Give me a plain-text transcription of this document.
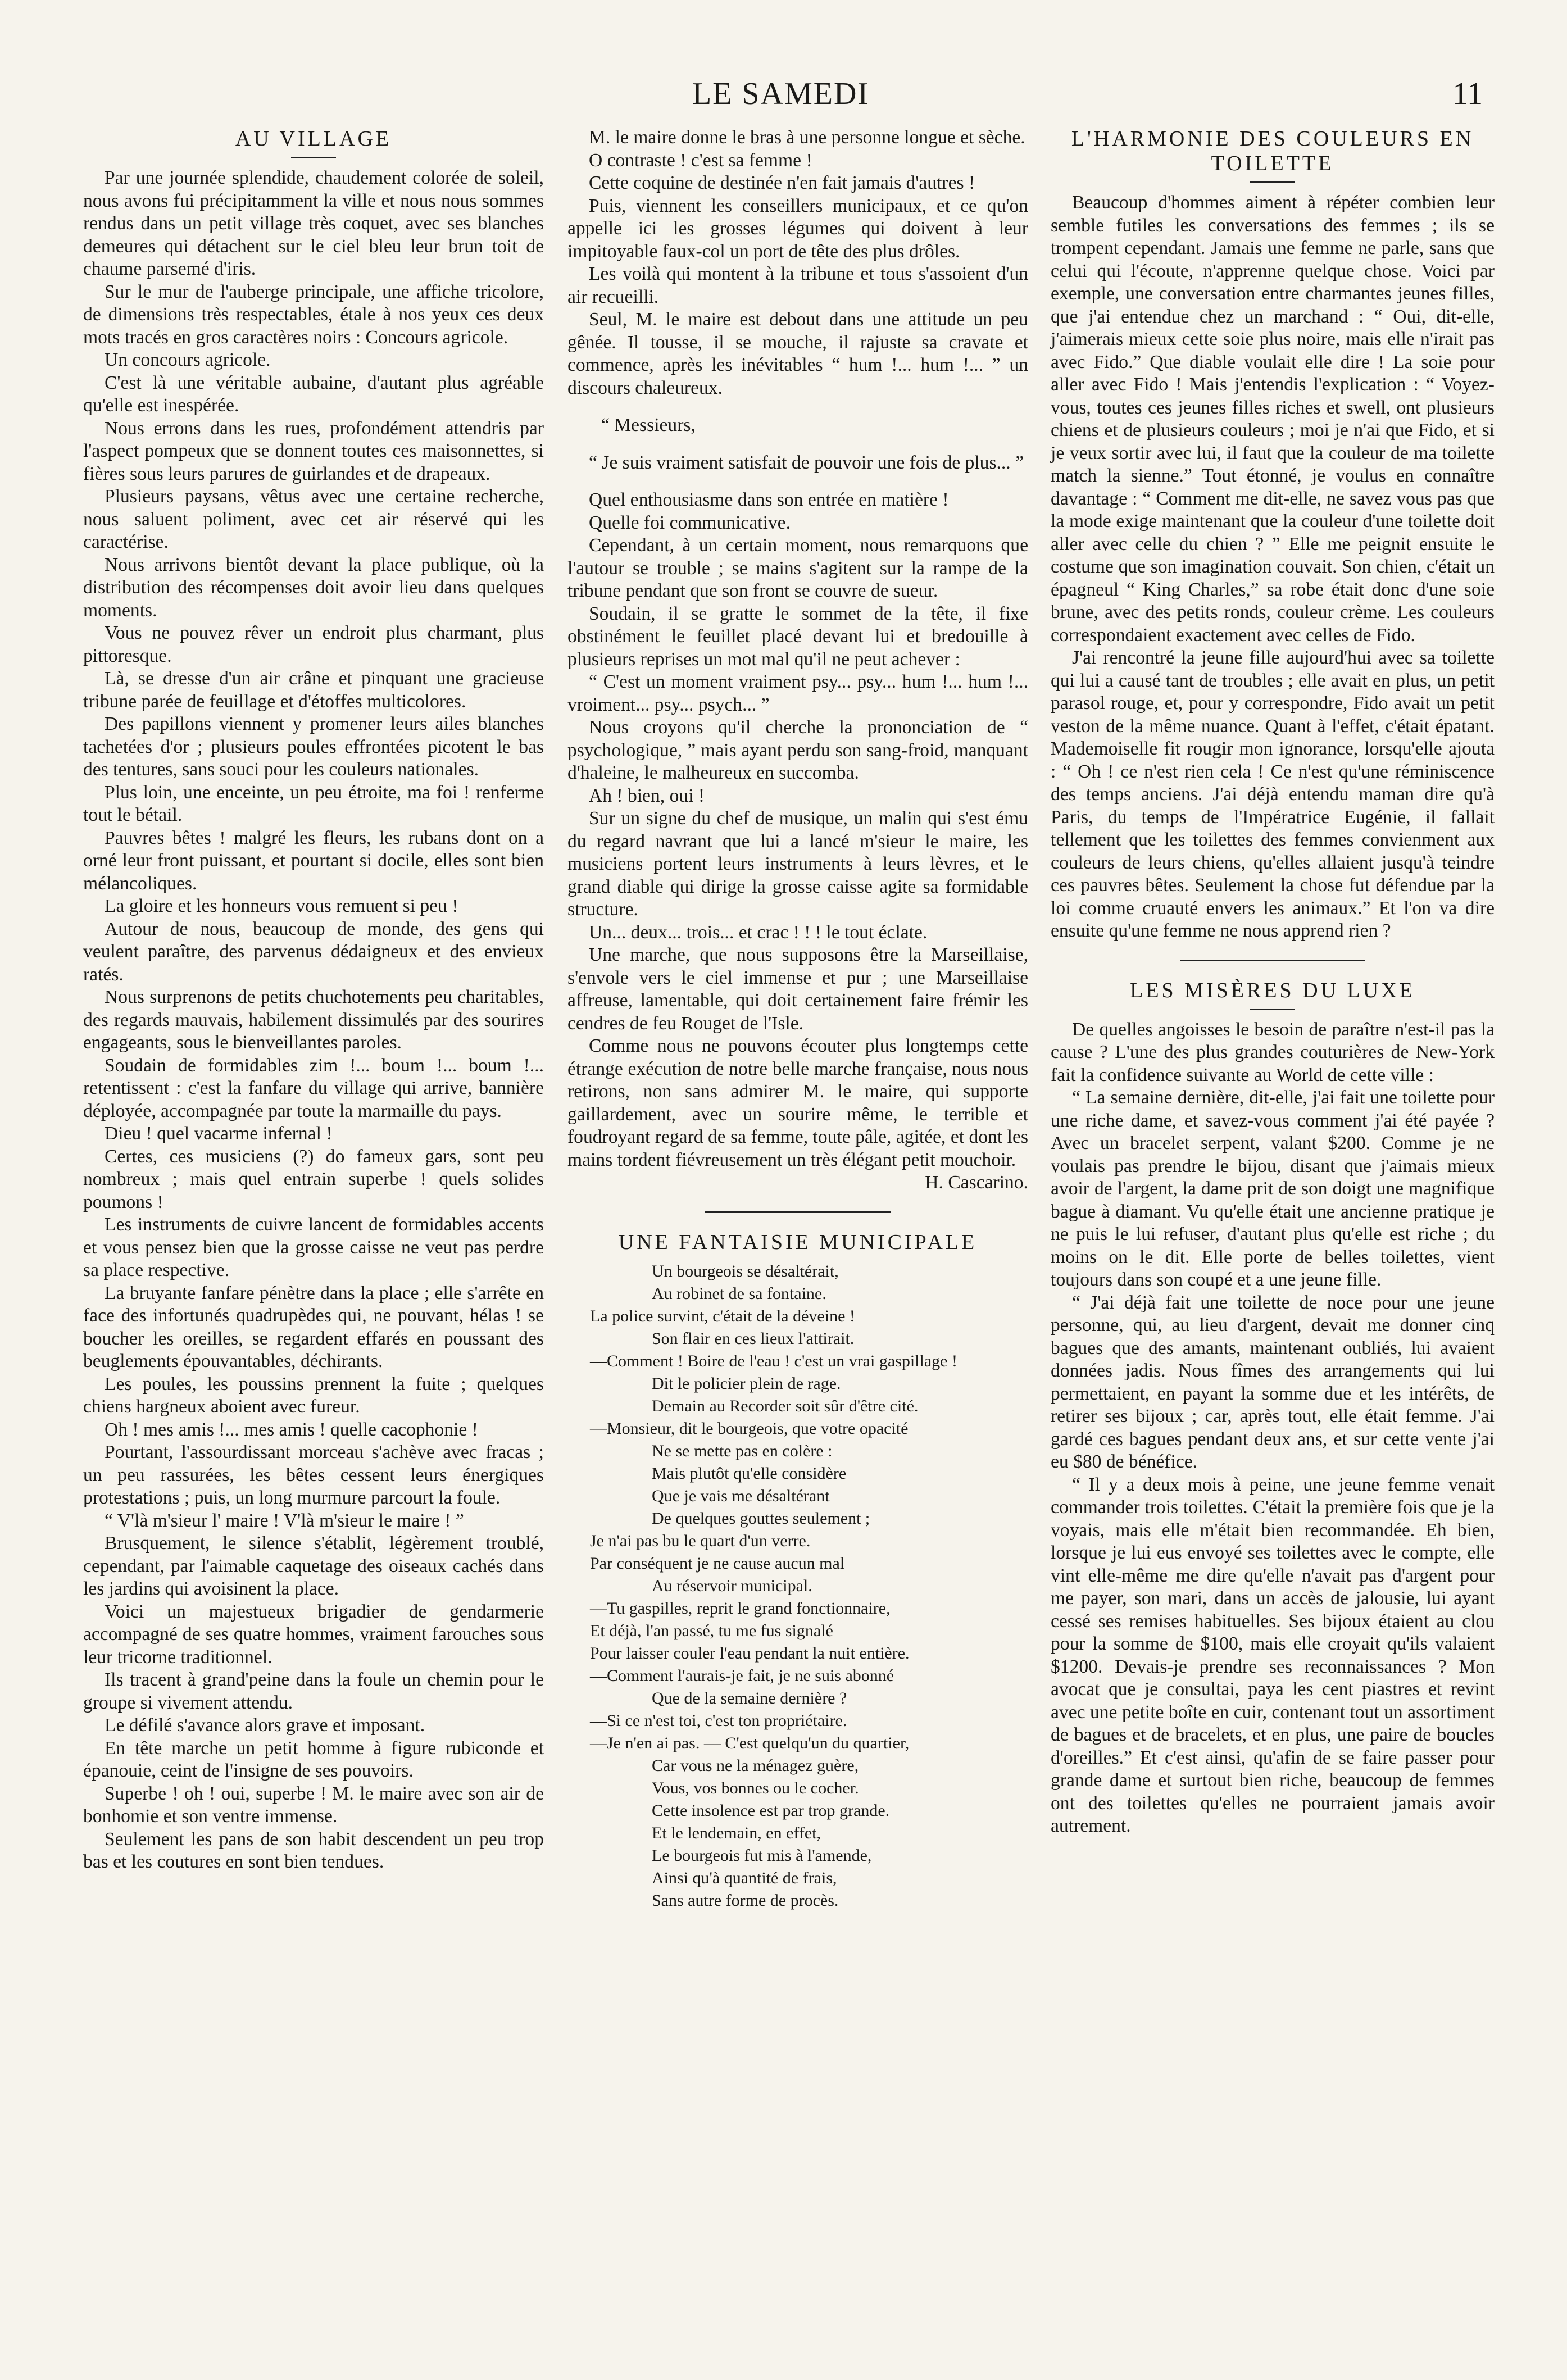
LE SAMEDI	11
AU VILLAGE

Par une journée splendide, chaudement colorée de soleil, nous avons fui précipitamment la ville et nous nous sommes rendus dans un petit village très coquet, avec ses blanches demeures qui détachent sur le ciel bleu leur brun toit de chaume parsemé d'iris.

Sur le mur de l'auberge principale, une affiche tricolore, de dimensions très respectables, étale à nos yeux ces deux mots tracés en gros caractères noirs : Concours agricole.

Un concours agricole.

C'est là une véritable aubaine, d'autant plus agréable qu'elle est inespérée.

Nous errons dans les rues, profondément attendris par l'aspect pompeux que se donnent toutes ces maisonnettes, si fières sous leurs parures de guirlandes et de drapeaux.

Plusieurs paysans, vêtus avec une certaine recherche, nous saluent poliment, avec cet air réservé qui les caractérise.

Nous arrivons bientôt devant la place publique, où la distribution des récompenses doit avoir lieu dans quelques moments.

Vous ne pouvez rêver un endroit plus charmant, plus pittoresque.

Là, se dresse d'un air crâne et pinquant une gracieuse tribune parée de feuillage et d'étoffes multicolores.

Des papillons viennent y promener leurs ailes blanches tachetées d'or ; plusieurs poules effrontées picotent le bas des tentures, sans souci pour les couleurs nationales.

Plus loin, une enceinte, un peu étroite, ma foi ! renferme tout le bétail.

Pauvres bêtes ! malgré les fleurs, les rubans dont on a orné leur front puissant, et pourtant si docile, elles sont bien mélancoliques.

La gloire et les honneurs vous remuent si peu !

Autour de nous, beaucoup de monde, des gens qui veulent paraître, des parvenus dédaigneux et des envieux ratés.

Nous surprenons de petits chuchotements peu charitables, des regards mauvais, habilement dissimulés par des sourires engageants, sous le bienveillantes paroles.

Soudain de formidables zim !... boum !... boum !... retentissent : c'est la fanfare du village qui arrive, bannière déployée, accompagnée par toute la marmaille du pays.

Dieu ! quel vacarme infernal !

Certes, ces musiciens (?) do fameux gars, sont peu nombreux ; mais quel entrain superbe ! quels solides poumons !

Les instruments de cuivre lancent de formidables accents et vous pensez bien que la grosse caisse ne veut pas perdre sa place respective.

La bruyante fanfare pénètre dans la place ; elle s'arrête en face des infortunés quadrupèdes qui, ne pouvant, hélas ! se boucher les oreilles, se regardent effarés en poussant des beuglements épouvantables, déchirants.

Les poules, les poussins prennent la fuite ; quelques chiens hargneux aboient avec fureur.

Oh ! mes amis !... mes amis ! quelle cacophonie !

Pourtant, l'assourdissant morceau s'achève avec fracas ; un peu rassurées, les bêtes cessent leurs énergiques protestations ; puis, un long murmure parcourt la foule.

“ V'là m'sieur l' maire ! V'là m'sieur le maire ! ”

Brusquement, le silence s'établit, légèrement troublé, cependant, par l'aimable caquetage des oiseaux cachés dans les jardins qui avoisinent la place.

Voici un majestueux brigadier de gendarmerie accompagné de ses quatre hommes, vraiment farouches sous leur tricorne traditionnel.

Ils tracent à grand'peine dans la foule un chemin pour le groupe si vivement attendu.

Le défilé s'avance alors grave et imposant.

En tête marche un petit homme à figure rubiconde et épanouie, ceint de l'insigne de ses pouvoirs.

Superbe ! oh ! oui, superbe ! M. le maire avec son air de bonhomie et son ventre immense.

Seulement les pans de son habit descendent un peu trop bas et les coutures en sont bien tendues.

M. le maire donne le bras à une personne longue et sèche.

O contraste ! c'est sa femme !

Cette coquine de destinée n'en fait jamais d'autres !

Puis, viennent les conseillers municipaux, et ce qu'on appelle ici les grosses légumes qui doivent à leur impitoyable faux-col un port de tête des plus drôles.

Les voilà qui montent à la tribune et tous s'assoient d'un air recueilli.

Seul, M. le maire est debout dans une attitude un peu gênée. Il tousse, il se mouche, il rajuste sa cravate et commence, après les inévitables “ hum !... hum !... ” un discours chaleureux.

“ Messieurs,

“ Je suis vraiment satisfait de pouvoir une fois de plus... ”

Quel enthousiasme dans son entrée en matière !

Quelle foi communicative.

Cependant, à un certain moment, nous remarquons que l'autour se trouble ; se mains s'agitent sur la rampe de la tribune pendant que son front se couvre de sueur.

Soudain, il se gratte le sommet de la tête, il fixe obstinément le feuillet placé devant lui et bredouille à plusieurs reprises un mot mal qu'il ne peut achever :

“ C'est un moment vraiment psy... psy... hum !... hum !... vroiment... psy... psych... ”

Nous croyons qu'il cherche la prononciation de “ psychologique, ” mais ayant perdu son sang-froid, manquant d'haleine, le malheureux en succomba.

Ah ! bien, oui !

Sur un signe du chef de musique, un malin qui s'est ému du regard navrant que lui a lancé m'sieur le maire, les musiciens portent leurs instruments à leurs lèvres, et le grand diable qui dirige la grosse caisse agite sa formidable structure.

Un... deux... trois... et crac ! ! ! le tout éclate.

Une marche, que nous supposons être la Marseillaise, s'envole vers le ciel immense et pur ; une Marseillaise affreuse, lamentable, qui doit certainement faire frémir les cendres de feu Rouget de l'Isle.

Comme nous ne pouvons écouter plus longtemps cette étrange exécution de notre belle marche française, nous nous retirons, non sans admirer M. le maire, qui supporte gaillardement, avec un sourire même, le terrible et foudroyant regard de sa femme, toute pâle, agitée, et dont les mains tordent fiévreusement un très élégant petit mouchoir.

H. Cascarino.

UNE FANTAISIE MUNICIPALE
Un bourgeois se désaltérait,
Au robinet de sa fontaine.
La police survint, c'était de la déveine !
Son flair en ces lieux l'attirait.
—Comment ! Boire de l'eau ! c'est un vrai gaspillage !
Dit le policier plein de rage.
Demain au Recorder soit sûr d'être cité.
—Monsieur, dit le bourgeois, que votre opacité
Ne se mette pas en colère :
Mais plutôt qu'elle considère
Que je vais me désaltérant
De quelques gouttes seulement ;
Je n'ai pas bu le quart d'un verre.
Par conséquent je ne cause aucun mal
Au réservoir municipal.
—Tu gaspilles, reprit le grand fonctionnaire,
Et déjà, l'an passé, tu me fus signalé
Pour laisser couler l'eau pendant la nuit entière.
—Comment l'aurais-je fait, je ne suis abonné
Que de la semaine dernière ?
—Si ce n'est toi, c'est ton propriétaire.
—Je n'en ai pas. — C'est quelqu'un du quartier,
Car vous ne la ménagez guère,
Vous, vos bonnes ou le cocher.
Cette insolence est par trop grande.
Et le lendemain, en effet,
Le bourgeois fut mis à l'amende,
Ainsi qu'à quantité de frais,
Sans autre forme de procès.
L'HARMONIE DES COULEURS EN TOILETTE

Beaucoup d'hommes aiment à répéter combien leur semble futiles les conversations des femmes ; ils se trompent cependant. Jamais une femme ne parle, sans que celui qui l'écoute, n'apprenne quelque chose. Voici par exemple, une conversation entre charmantes jeunes filles, que j'ai entendue chez un marchand : “ Oui, dit-elle, j'aimerais mieux cette soie plus noire, mais elle n'irait pas avec Fido.” Que diable voulait elle dire ! La soie pour aller avec Fido ! Mais j'entendis l'explication : “ Voyez-vous, toutes ces jeunes filles riches et swell, ont plusieurs chiens et de plusieurs couleurs ; moi je n'ai que Fido, et si je veux sortir avec lui, il faut que la couleur de ma toilette match la sienne.” Tout étonné, je voulus en connaître davantage : “ Comment me dit-elle, ne savez vous pas que la mode exige maintenant que la couleur d'une toilette doit aller avec celle du chien ? ” Elle me peignit ensuite le costume que son imagination couvait. Son chien, c'était un épagneul “ King Charles,” sa robe était donc d'une soie brune, avec des petits ronds, couleur crème. Les couleurs correspondaient exactement avec celles de Fido.

J'ai rencontré la jeune fille aujourd'hui avec sa toilette qui lui a causé tant de troubles ; elle avait en plus, un petit parasol rouge, et, pour y correspondre, Fido avait un petit veston de la même nuance. Quant à l'effet, c'était épatant. Mademoiselle fit rougir mon ignorance, lorsqu'elle ajouta : “ Oh ! ce n'est rien cela ! Ce n'est qu'une réminiscence des temps anciens. J'ai déjà entendu maman dire qu'à Paris, du temps de l'Impératrice Eugénie, il fallait tellement que les toilettes des femmes convienment aux couleurs de leurs chiens, qu'elles allaient jusqu'à teindre ces pauvres bêtes. Seulement la chose fut défendue par la loi comme cruauté envers les animaux.” Et l'on va dire ensuite qu'une femme ne nous apprend rien ?

LES MISÈRES DU LUXE

De quelles angoisses le besoin de paraître n'est-il pas la cause ? L'une des plus grandes couturières de New-York fait la confidence suivante au World de cette ville :

“ La semaine dernière, dit-elle, j'ai fait une toilette pour une riche dame, et savez-vous comment j'ai été payée ? Avec un bracelet serpent, valant $200. Comme je ne voulais pas prendre le bijou, disant que j'aimais mieux avoir de l'argent, la dame prit de son doigt une magnifique bague à diamant. Vu qu'elle était une ancienne pratique je ne puis le lui refuser, d'autant plus qu'elle est riche ; du moins on le dit. Elle porte de belles toilettes, vient toujours dans son coupé et a une jeune fille.

“ J'ai déjà fait une toilette de noce pour une jeune personne, qui, au lieu d'argent, devait me donner cinq bagues que des amants, maintenant oubliés, lui avaient données jadis. Nous fîmes des arrangements qui lui permettaient, en payant la somme due et les intérêts, de retirer ses bijoux ; car, après tout, elle était femme. J'ai gardé ces bagues pendant deux ans, et sur cette vente j'ai eu $80 de bénéfice.

“ Il y a deux mois à peine, une jeune femme venait commander trois toilettes. C'était la première fois que je la voyais, mais elle m'était bien recommandée. Eh bien, lorsque je lui eus envoyé ses toilettes avec le compte, elle vint elle-même me dire qu'elle n'avait pas d'argent pour me payer, son mari, dans un accès de jalousie, lui ayant cessé ses remises habituelles. Ses bijoux étaient au clou pour la somme de $100, mais elle croyait qu'ils valaient $1200. Devais-je prendre ses reconnaissances ? Mon avocat que je consultai, paya les cent piastres et revint avec une petite boîte en cuir, contenant tout un assortiment de bagues et de bracelets, et en plus, une paire de boucles d'oreilles.” Et c'est ainsi, qu'afin de se faire passer pour grande dame et surtout bien riche, beaucoup de femmes ont des toilettes qu'elles ne pourraient jamais avoir autrement.
